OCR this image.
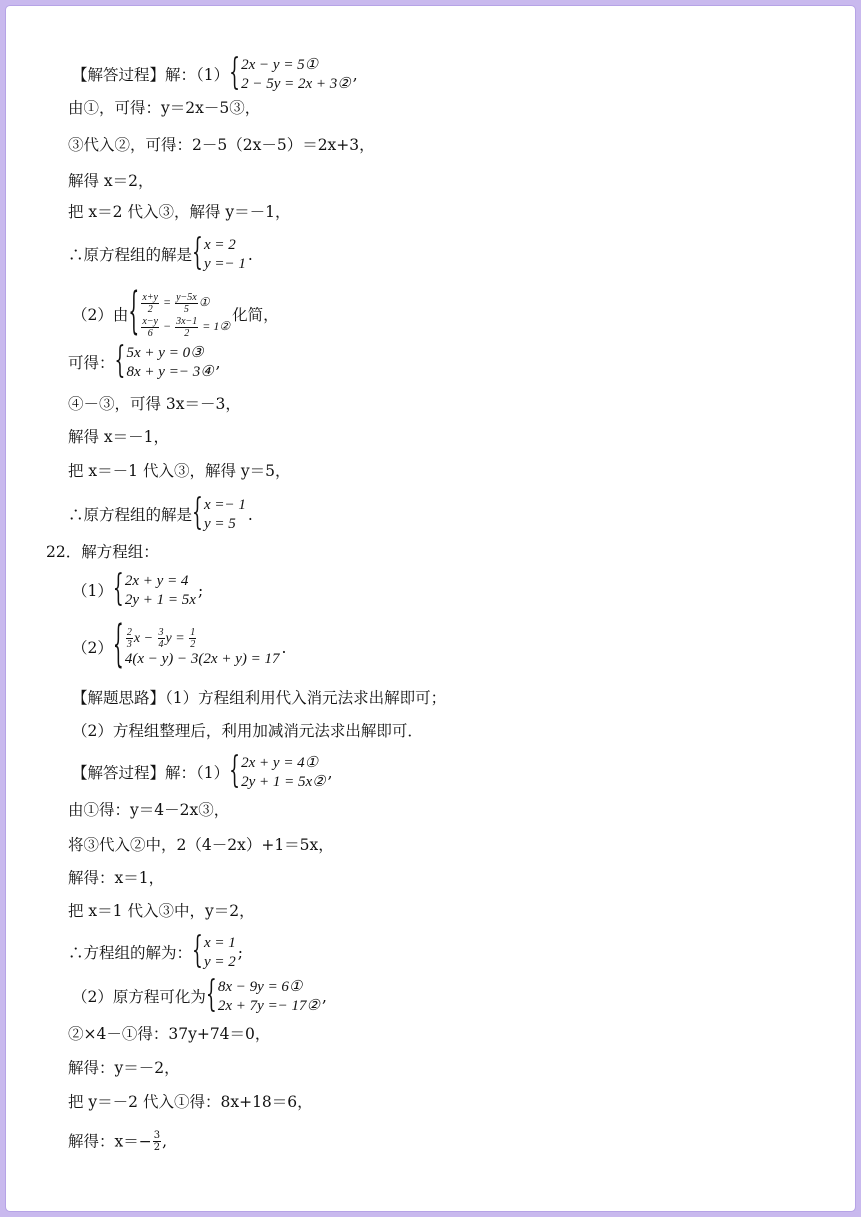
【解答过程】解：（1）
{ 2x − y = 5①
2 − 5y = 2x + 3② ,
由①，可得：y＝2x－5③，
③代入②，可得：2－5（2x－5）＝2x+3，
解得 x＝2，
把 x＝2 代入③，解得 y＝－1，
∴原方程组的解是
{ x = 2
y =− 1 .
（2）由 { $\frac{x+y}{2} = \frac{y-5x}{5}$ ①
$\frac{x-y}{6} - \frac{3x-1}{2}$ = 1②
化简，
可得：
{ 5x + y = 0③
8x + y =− 3④ ,
④－③，可得 3x＝－3，
解得 x＝－1，
把 x＝－1 代入③，解得 y＝5，
∴原方程组的解是
{ x =− 1
y = 5 .
22．解方程组：
（1）
{ 2x + y = 4
2y + 1 = 5x ;
（2） { $\frac{2}{3}$ $x - \frac{3}{4}$ $y = \frac{1}{2}$
4(x − y) − 3(2x + y) = 17
.
【解题思路】（1）方程组利用代入消元法求出解即可；
（2）方程组整理后，利用加减消元法求出解即可．
【解答过程】解：（1）
{ 2x + y = 4①
2y + 1 = 5x② ,
由①得：y＝4－2x③，
将③代入②中，2（4－2x）+1＝5x，
解得：x＝1，
把 x＝1 代入③中，y＝2，
∴方程组的解为：
{ x = 1
y = 2 ;
（2）原方程可化为
{ 8x − 9y = 6①
2x + 7y =− 17② ,
②×4－①得：37y+74＝0，
解得：y＝－2，
把 y＝－2 代入①得：8x+18＝6，
解得：$x=- \frac{3}{2}$ ,
